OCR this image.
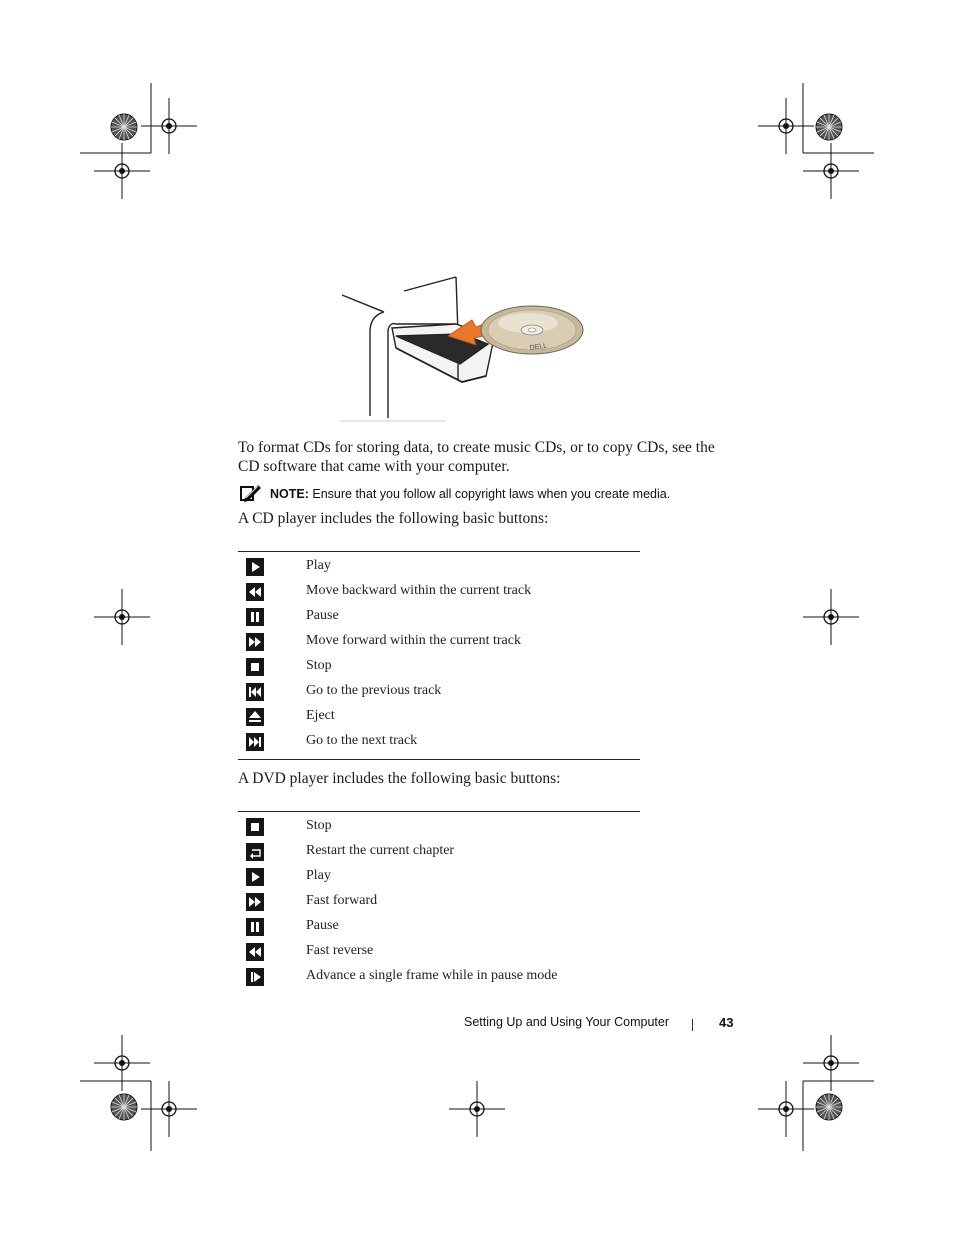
DELL
To format CDs for storing data, to create music CDs, or to copy CDs, see the CD software that came with your computer.
NOTE: Ensure that you follow all copyright laws when you create media.
A CD player includes the following basic buttons:
Play
Move backward within the current track
Pause
Move forward within the current track
Stop
Go to the previous track
Eject
Go to the next track
A DVD player includes the following basic buttons:
Stop
Restart the current chapter
Play
Fast forward
Pause
Fast reverse
Advance a single frame while in pause mode
Setting Up and Using Your Computer	43
